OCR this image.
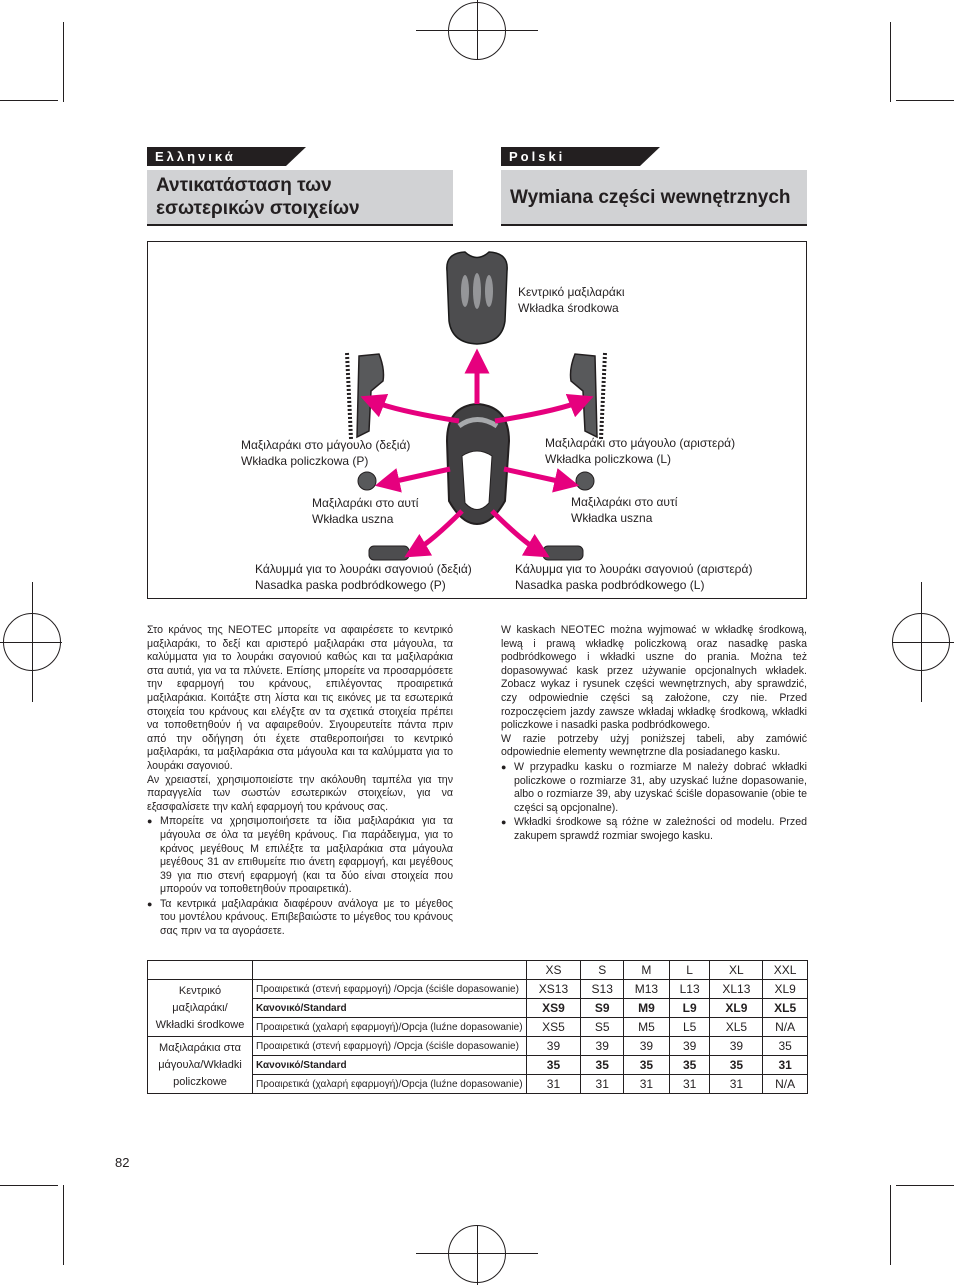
Ελληνικά	Polski
Αντικατάσταση των
εσωτερικών στοιχείων
Wymiana części wewnętrznych
Κεντρικό μαξιλαράκι
Wkładka środkowa
Μαξιλαράκι στο μάγουλο (δεξιά)
Wkładka policzkowa (P)
Μαξιλαράκι στο μάγουλο (αριστερά)
Wkładka policzkowa (L)
Μαξιλαράκι στο αυτί
Wkładka uszna
Μαξιλαράκι στο αυτί
Wkładka uszna
Κάλυμμά για το λουράκι σαγονιού (δεξιά)
Nasadka paska podbródkowego (P)
Κάλυμμα για το λουράκι σαγονιού (αριστερά)
Nasadka paska podbródkowego (L)

Στο κράνος της NEOTEC μπορείτε να αφαιρέσετε το κεντρικό μαξιλαράκι, το δεξί και αριστερό μαξιλαράκι στα μάγουλα, τα καλύμματα για το λουράκι σαγονιού καθώς και τα μαξιλαράκια στα αυτιά, για να τα πλύνετε. Επίσης μπορείτε να προσαρμόσετε την εφαρμογή του κράνους, επιλέγοντας προαιρετικά μαξιλαράκια. Κοιτάξτε στη λίστα και τις εικόνες με τα εσωτερικά στοιχεία του κράνους και ελέγξτε αν τα σχετικά στοιχεία πρέπει να τοποθετηθούν ή να αφαιρεθούν. Σιγουρευτείτε πάντα πριν από την οδήγηση ότι έχετε σταθεροποιήσει το κεντρικό μαξιλαράκι, τα μαξιλαράκια στα μάγουλα και τα καλύμματα για το λουράκι σαγονιού.

Αν χρειαστεί, χρησιμοποιείστε την ακόλουθη ταμπέλα για την παραγγελία των σωστών εσωτερικών στοιχείων, για να εξασφαλίσετε την καλή εφαρμογή του κράνους σας.

● Μπορείτε να χρησιμοποιήσετε τα ίδια μαξιλαράκια για τα μάγουλα σε όλα τα μεγέθη κράνους. Για παράδειγμα, για το κράνος μεγέθους M επιλέξτε τα μαξιλαράκια στα μάγουλα μεγέθους 31 αν επιθυμείτε πιο άνετη εφαρμογή, και μεγέθους 39 για πιο στενή εφαρμογή (και τα δύο είναι στοιχεία που μπορούν να τοποθετηθούν προαιρετικά).

● Τα κεντρικά μαξιλαράκια διαφέρουν ανάλογα με το μέγεθος του μοντέλου κράνους. Επιβεβαιώστε το μέγεθος του κράνους σας πριν να τα αγοράσετε.

W kaskach NEOTEC można wyjmować w wkładkę środkową, lewą i prawą wkładkę policzkową oraz nasadkę paska podbródkowego i wkładki uszne do prania. Można też dopasowywać kask przez używanie opcjonalnych wkładek. Zobacz wykaz i rysunek części wewnętrznych, aby sprawdzić, czy odpowiednie części są założone, czy nie. Przed rozpoczęciem jazdy zawsze wkładaj wkładkę środkową, wkładki policzkowe i nasadki paska podbródkowego.

W razie potrzeby użyj poniższej tabeli, aby zamówić odpowiednie elementy wewnętrzne dla posiadanego kasku.

● W przypadku kasku o rozmiarze M należy dobrać wkładki policzkowe o rozmiarze 31, aby uzyskać luźne dopasowanie, albo o rozmiarze 39, aby uzyskać ściśle dopasowanie (obie te części są opcjonalne).

● Wkładki środkowe są różne w zależności od modelu. Przed zakupem sprawdź rozmiar swojego kasku.

		XS	S	M	L	XL	XXL
Κεντρικό
μαξιλαράκι/
Wkładki środkowe	Προαιρετικά (στενή εφαρμογή) /Opcja (ściśle dopasowanie)	XS13	S13	M13	L13	XL13	XL9
	Κανονικό/Standard	XS9	S9	M9	L9	XL9	XL5
	Προαιρετικά (χαλαρή εφαρμογή)/Opcja (luźne dopasowanie)	XS5	S5	M5	L5	XL5	N/A
Μαξιλαράκια στα
μάγουλα/Wkładki
policzkowe	Προαιρετικά (στενή εφαρμογή) /Opcja (ściśle dopasowanie)	39	39	39	39	39	35
	Κανονικό/Standard	35	35	35	35	35	31
	Προαιρετικά (χαλαρή εφαρμογή)/Opcja (luźne dopasowanie)	31	31	31	31	31	N/A
82
